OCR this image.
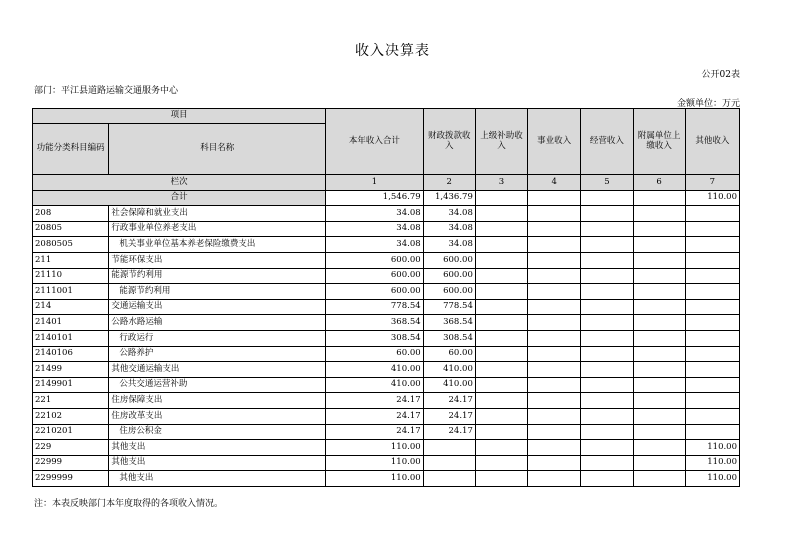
收入决算表
公开02表
部门：平江县道路运输交通服务中心
金额单位：万元
项目		本年收入合计	财政拨款收入	上级补助收入	事业收入	经营收入	附属单位上缴收入	其他收入
功能分类科目编码	科目名称							
栏次		1	2	3	4	5	6	7
合计		1,546.79	1,436.79					110.00
208	社会保障和就业支出	34.08	34.08					
20805	行政事业单位养老支出	34.08	34.08					
2080505	机关事业单位基本养老保险缴费支出	34.08	34.08					
211	节能环保支出	600.00	600.00					
21110	能源节约利用	600.00	600.00					
2111001	能源节约利用	600.00	600.00					
214	交通运输支出	778.54	778.54					
21401	公路水路运输	368.54	368.54					
2140101	行政运行	308.54	308.54					
2140106	公路养护	60.00	60.00					
21499	其他交通运输支出	410.00	410.00					
2149901	公共交通运营补助	410.00	410.00					
221	住房保障支出	24.17	24.17					
22102	住房改革支出	24.17	24.17					
2210201	住房公积金	24.17	24.17					
229	其他支出	110.00						110.00
22999	其他支出	110.00						110.00
2299999	其他支出	110.00						110.00
注：本表反映部门本年度取得的各项收入情况。
